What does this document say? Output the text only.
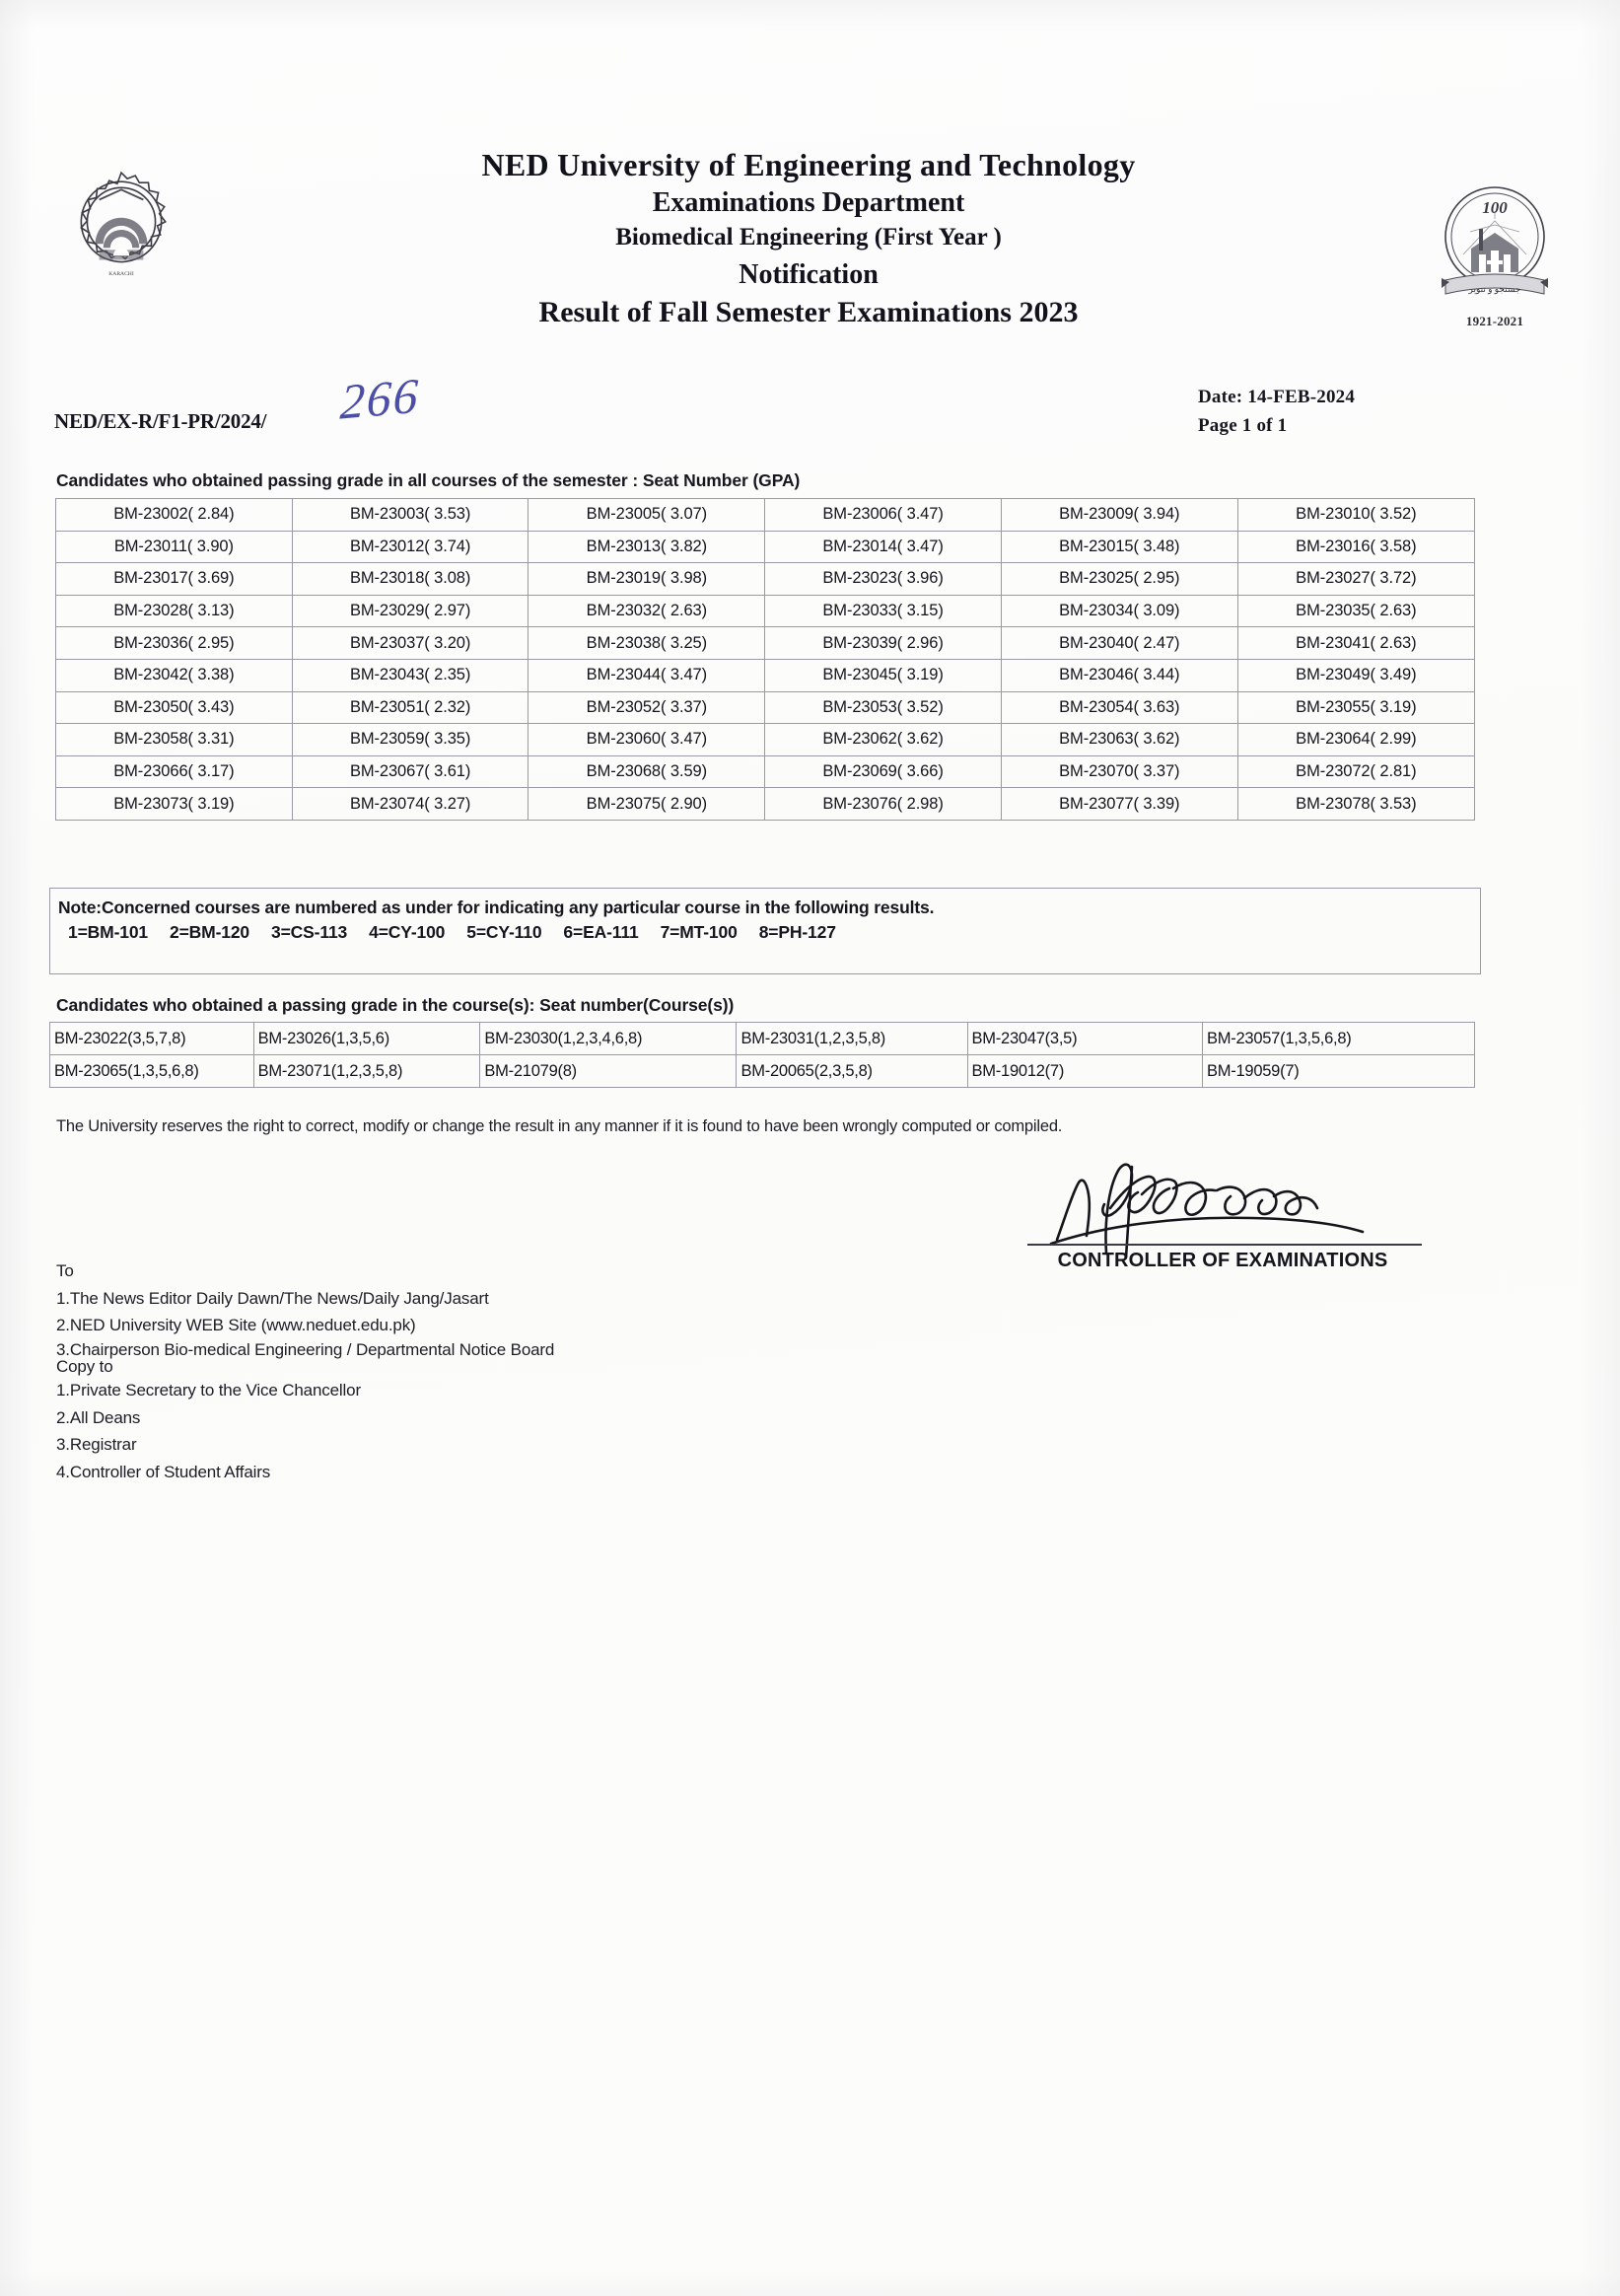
KARACHI
100
جستجو و تنویر
1921-2021
NED University of Engineering and Technology
Examinations Department
Biomedical Engineering (First Year )
Notification
Result of Fall Semester Examinations 2023
NED/EX-R/F1-PR/2024/ 266	Date: 14-FEB-2024
Page 1 of 1
Candidates who obtained passing grade in all courses of the semester : Seat Number (GPA)
BM-23002( 2.84)	BM-23003( 3.53)	BM-23005( 3.07)	BM-23006( 3.47)	BM-23009( 3.94)	BM-23010( 3.52)
BM-23011( 3.90)	BM-23012( 3.74)	BM-23013( 3.82)	BM-23014( 3.47)	BM-23015( 3.48)	BM-23016( 3.58)
BM-23017( 3.69)	BM-23018( 3.08)	BM-23019( 3.98)	BM-23023( 3.96)	BM-23025( 2.95)	BM-23027( 3.72)
BM-23028( 3.13)	BM-23029( 2.97)	BM-23032( 2.63)	BM-23033( 3.15)	BM-23034( 3.09)	BM-23035( 2.63)
BM-23036( 2.95)	BM-23037( 3.20)	BM-23038( 3.25)	BM-23039( 2.96)	BM-23040( 2.47)	BM-23041( 2.63)
BM-23042( 3.38)	BM-23043( 2.35)	BM-23044( 3.47)	BM-23045( 3.19)	BM-23046( 3.44)	BM-23049( 3.49)
BM-23050( 3.43)	BM-23051( 2.32)	BM-23052( 3.37)	BM-23053( 3.52)	BM-23054( 3.63)	BM-23055( 3.19)
BM-23058( 3.31)	BM-23059( 3.35)	BM-23060( 3.47)	BM-23062( 3.62)	BM-23063( 3.62)	BM-23064( 2.99)
BM-23066( 3.17)	BM-23067( 3.61)	BM-23068( 3.59)	BM-23069( 3.66)	BM-23070( 3.37)	BM-23072( 2.81)
BM-23073( 3.19)	BM-23074( 3.27)	BM-23075( 2.90)	BM-23076( 2.98)	BM-23077( 3.39)	BM-23078( 3.53)
Note:Concerned courses are numbered as under for indicating any particular course in the following results.
1=BM-101 2=BM-120 3=CS-113 4=CY-100 5=CY-110 6=EA-111 7=MT-100 8=PH-127
Candidates who obtained a passing grade in the course(s): Seat number(Course(s))
BM-23022(3,5,7,8)	BM-23026(1,3,5,6)	BM-23030(1,2,3,4,6,8)	BM-23031(1,2,3,5,8)	BM-23047(3,5)	BM-23057(1,3,5,6,8)
BM-23065(1,3,5,6,8)	BM-23071(1,2,3,5,8)	BM-21079(8)	BM-20065(2,3,5,8)	BM-19012(7)	BM-19059(7)
The University reserves the right to correct, modify or change the result in any manner if it is found to have been wrongly computed or compiled.
CONTROLLER OF EXAMINATIONS
To
1.The News Editor Daily Dawn/The News/Daily Jang/Jasart
2.NED University WEB Site (www.neduet.edu.pk)
3.Chairperson Bio-medical Engineering / Departmental Notice Board
Copy to
1.Private Secretary to the Vice Chancellor
2.All Deans
3.Registrar
4.Controller of Student Affairs
